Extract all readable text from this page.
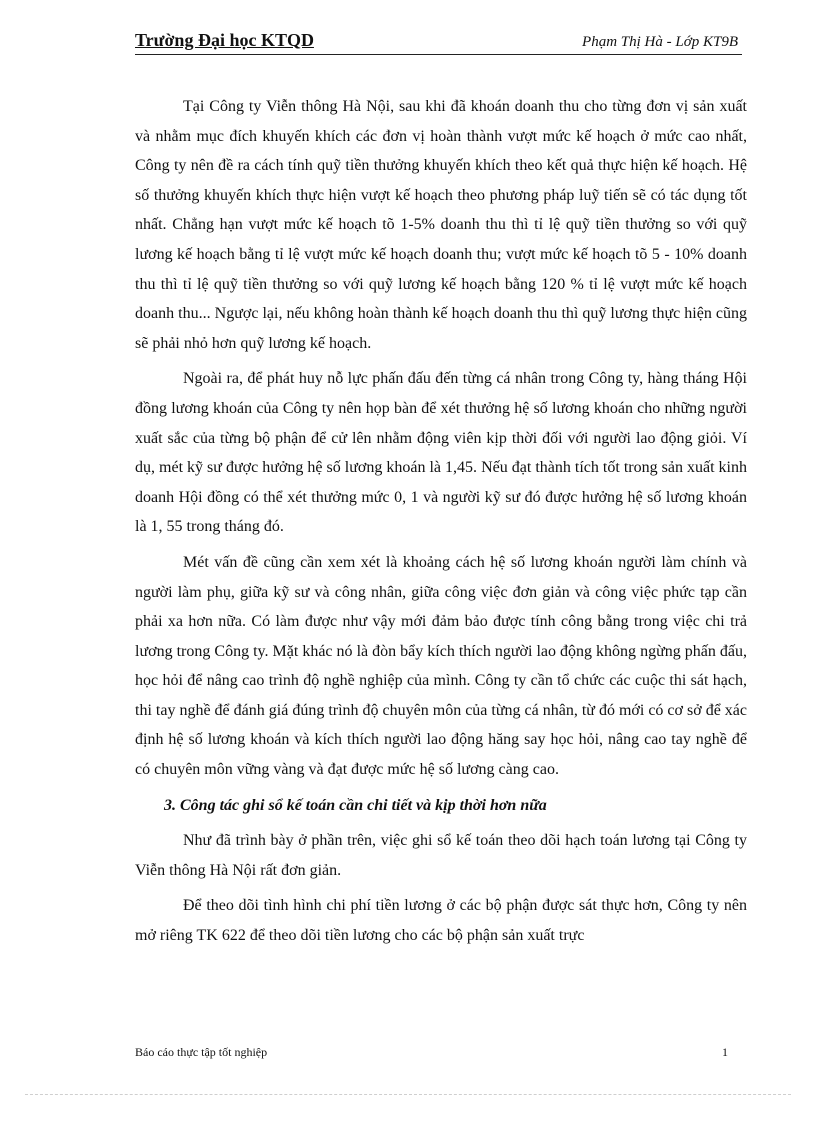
Trường Đại học KTQD	Phạm Thị Hà - Lớp KT9B

Tại Công ty Viễn thông Hà Nội, sau khi đã khoán doanh thu cho từng đơn vị sản xuất và nhằm mục đích khuyến khích các đơn vị hoàn thành vượt mức kế hoạch ở mức cao nhất, Công ty nên đề ra cách tính quỹ tiền thưởng khuyến khích theo kết quả thực hiện kế hoạch. Hệ số thưởng khuyến khích thực hiện vượt kế hoạch theo phương pháp luỹ tiến sẽ có tác dụng tốt nhất. Chẳng hạn vượt mức kế hoạch tõ 1-5% doanh thu thì tỉ lệ quỹ tiền thưởng so với quỹ lương kế hoạch bằng tỉ lệ vượt mức kế hoạch doanh thu; vượt mức kế hoạch tõ 5 - 10% doanh thu thì tỉ lệ quỹ tiền thưởng so với quỹ lương kế hoạch bằng 120 % tỉ lệ vượt mức kế hoạch doanh thu... Ngược lại, nếu không hoàn thành kế hoạch doanh thu thì quỹ lương thực hiện cũng sẽ phải nhỏ hơn quỹ lương kế hoạch.

Ngoài ra, để phát huy nỗ lực phấn đấu đến từng cá nhân trong Công ty, hàng tháng Hội đồng lương khoán của Công ty nên họp bàn để xét thưởng hệ số lương khoán cho những người xuất sắc của từng bộ phận để cử lên nhằm động viên kịp thời đối với người lao động giỏi. Ví dụ, mét kỹ sư được hưởng hệ số lương khoán là 1,45. Nếu đạt thành tích tốt trong sản xuất kinh doanh Hội đồng có thể xét thưởng mức 0, 1 và người kỹ sư đó được hưởng hệ số lương khoán là 1, 55 trong tháng đó.

Mét vấn đề cũng cần xem xét là khoảng cách hệ số lương khoán người làm chính và người làm phụ, giữa kỹ sư và công nhân, giữa công việc đơn giản và công việc phức tạp cần phải xa hơn nữa. Có làm được như vậy mới đảm bảo được tính công bằng trong việc chi trả lương trong Công ty. Mặt khác nó là đòn bẩy kích thích người lao động không ngừng phấn đấu, học hỏi để nâng cao trình độ nghề nghiệp của mình. Công ty cần tổ chức các cuộc thi sát hạch, thi tay nghề để đánh giá đúng trình độ chuyên môn của từng cá nhân, từ đó mới có cơ sở để xác định hệ số lương khoán và kích thích người lao động hăng say học hỏi, nâng cao tay nghề để có chuyên môn vững vàng và đạt được mức hệ số lương càng cao.

3. Công tác ghi sổ kế toán cần chi tiết và kịp thời hơn nữa

Như đã trình bày ở phần trên, việc ghi sổ kế toán theo dõi hạch toán lương tại Công ty Viễn thông Hà Nội rất đơn giản.

Để theo dõi tình hình chi phí tiền lương ở các bộ phận được sát thực hơn, Công ty nên mở riêng TK 622 để theo dõi tiền lương cho các bộ phận sản xuất trực

Báo cáo thực tập tốt nghiệp	1
